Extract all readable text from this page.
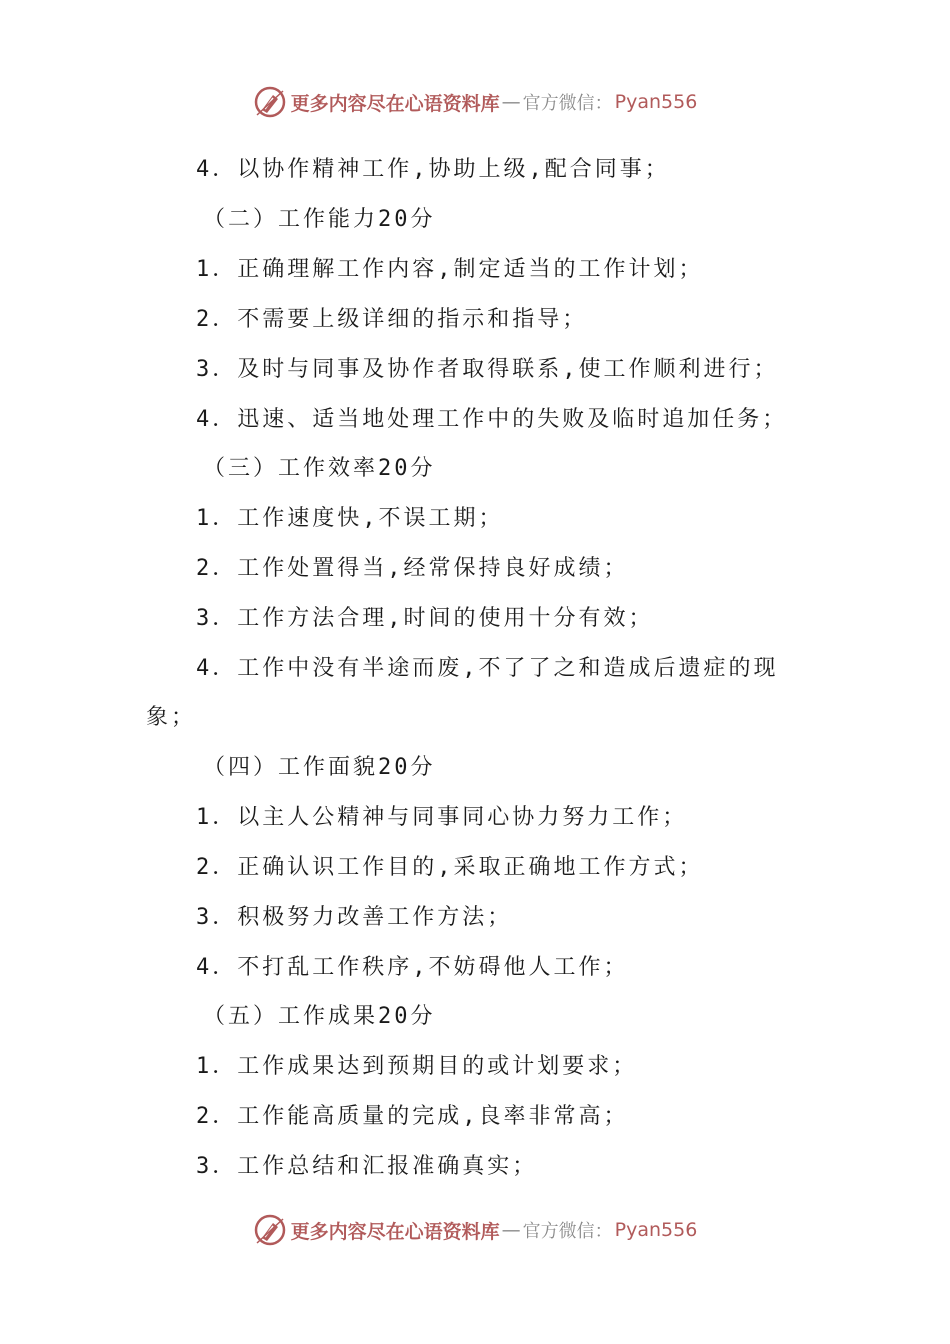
更多内容尽在心语资料库 — 官方微信： Pyan556
4．以协作精神工作,协助上级,配合同事；
（二）工作能力20分
1．正确理解工作内容,制定适当的工作计划；
2．不需要上级详细的指示和指导；
3．及时与同事及协作者取得联系,使工作顺利进行；
4．迅速、适当地处理工作中的失败及临时追加任务；
（三）工作效率20分
1．工作速度快,不误工期；
2．工作处置得当,经常保持良好成绩；
3．工作方法合理,时间的使用十分有效；
4．工作中没有半途而废,不了了之和造成后遗症的现
象；
（四）工作面貌20分
1．以主人公精神与同事同心协力努力工作；
2．正确认识工作目的,采取正确地工作方式；
3．积极努力改善工作方法；
4．不打乱工作秩序,不妨碍他人工作；
（五）工作成果20分
1．工作成果达到预期目的或计划要求；
2．工作能高质量的完成,良率非常高；
3．工作总结和汇报准确真实；
更多内容尽在心语资料库 — 官方微信： Pyan556
